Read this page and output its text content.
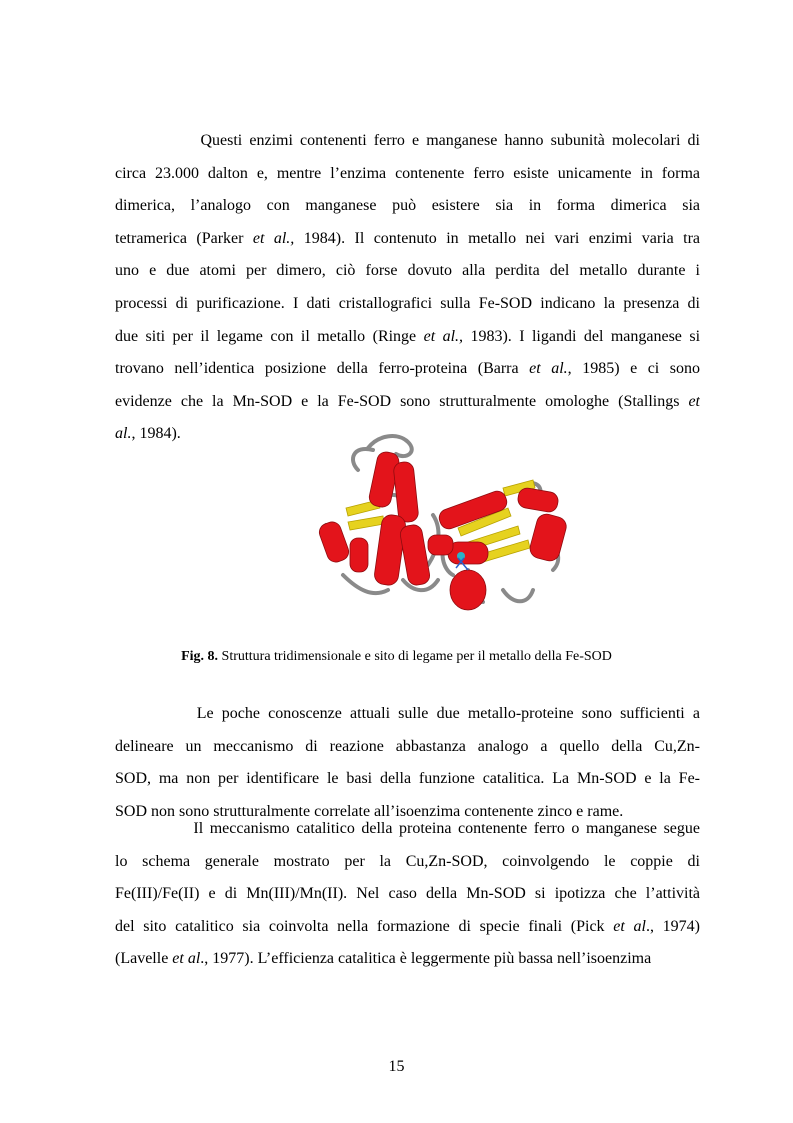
Questi enzimi contenenti ferro e manganese hanno subunità molecolari di
circa 23.000 dalton e, mentre l’enzima contenente ferro esiste unicamente in forma
dimerica, l’analogo con manganese può esistere sia in forma dimerica sia
tetramerica (Parker et al., 1984). Il contenuto in metallo nei vari enzimi varia tra
uno e due atomi per dimero, ciò forse dovuto alla perdita del metallo durante i
processi di purificazione. I dati cristallografici sulla Fe-SOD indicano la presenza di
due siti per il legame con il metallo (Ringe et al., 1983). I ligandi del manganese si
trovano nell’identica posizione della ferro-proteina (Barra et al., 1985) e ci sono
evidenze che la Mn-SOD e la Fe-SOD sono strutturalmente omologhe (Stallings et
al., 1984).
Fig. 8. Struttura tridimensionale e sito di legame per il metallo della Fe-SOD
Le poche conoscenze attuali sulle due metallo-proteine sono sufficienti a
delineare un meccanismo di reazione abbastanza analogo a quello della Cu,Zn-
SOD, ma non per identificare le basi della funzione catalitica. La Mn-SOD e la Fe-
SOD non sono strutturalmente correlate all’isoenzima contenente zinco e rame.
Il meccanismo catalitico della proteina contenente ferro o manganese segue
lo schema generale mostrato per la Cu,Zn-SOD, coinvolgendo le coppie di
Fe(III)/Fe(II) e di Mn(III)/Mn(II). Nel caso della Mn-SOD si ipotizza che l’attività
del sito catalitico sia coinvolta nella formazione di specie finali (Pick et al., 1974)
(Lavelle et al., 1977). L’efficienza catalitica è leggermente più bassa nell’isoenzima
15
